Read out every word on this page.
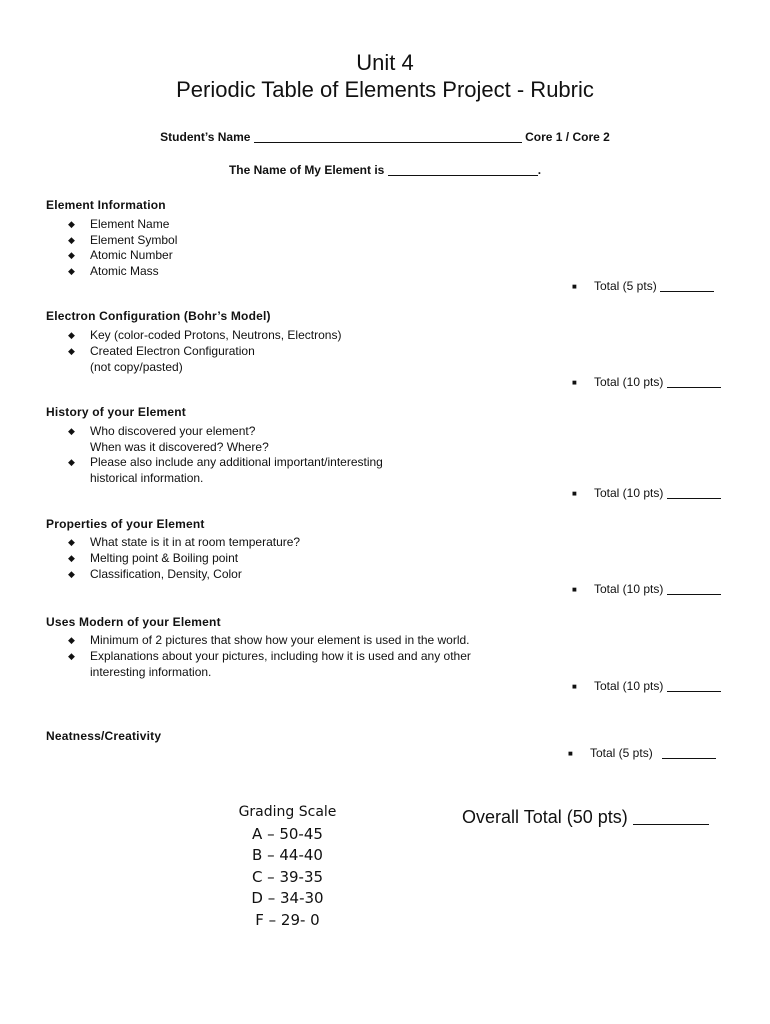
Unit 4
Periodic Table of Elements Project - Rubric
Student’s Name	Core 1 / Core 2
The Name of My Element is	.
Element Information
◆ Element Name
◆ Element Symbol
◆ Atomic Number
◆ Atomic Mass
■ Total (5 pts)
Electron Configuration (Bohr’s Model)
◆ Key (color-coded Protons, Neutrons, Electrons)
◆ Created Electron Configuration
(not copy/pasted)
■ Total (10 pts)
History of your Element
◆ Who discovered your element?
When was it discovered? Where?
◆ Please also include any additional important/interesting
historical information.
■ Total (10 pts)
Properties of your Element
◆ What state is it in at room temperature?
◆ Melting point & Boiling point
◆ Classification, Density, Color
■ Total (10 pts)
Uses Modern of your Element
◆ Minimum of 2 pictures that show how your element is used in the world.
◆ Explanations about your pictures, including how it is used and any other
interesting information.
■ Total (10 pts)
Neatness/Creativity
■ Total (5 pts)
Grading Scale
A – 50-45
B – 44-40
C – 39-35
D – 34-30
F – 29- 0
Overall Total (50 pts)
